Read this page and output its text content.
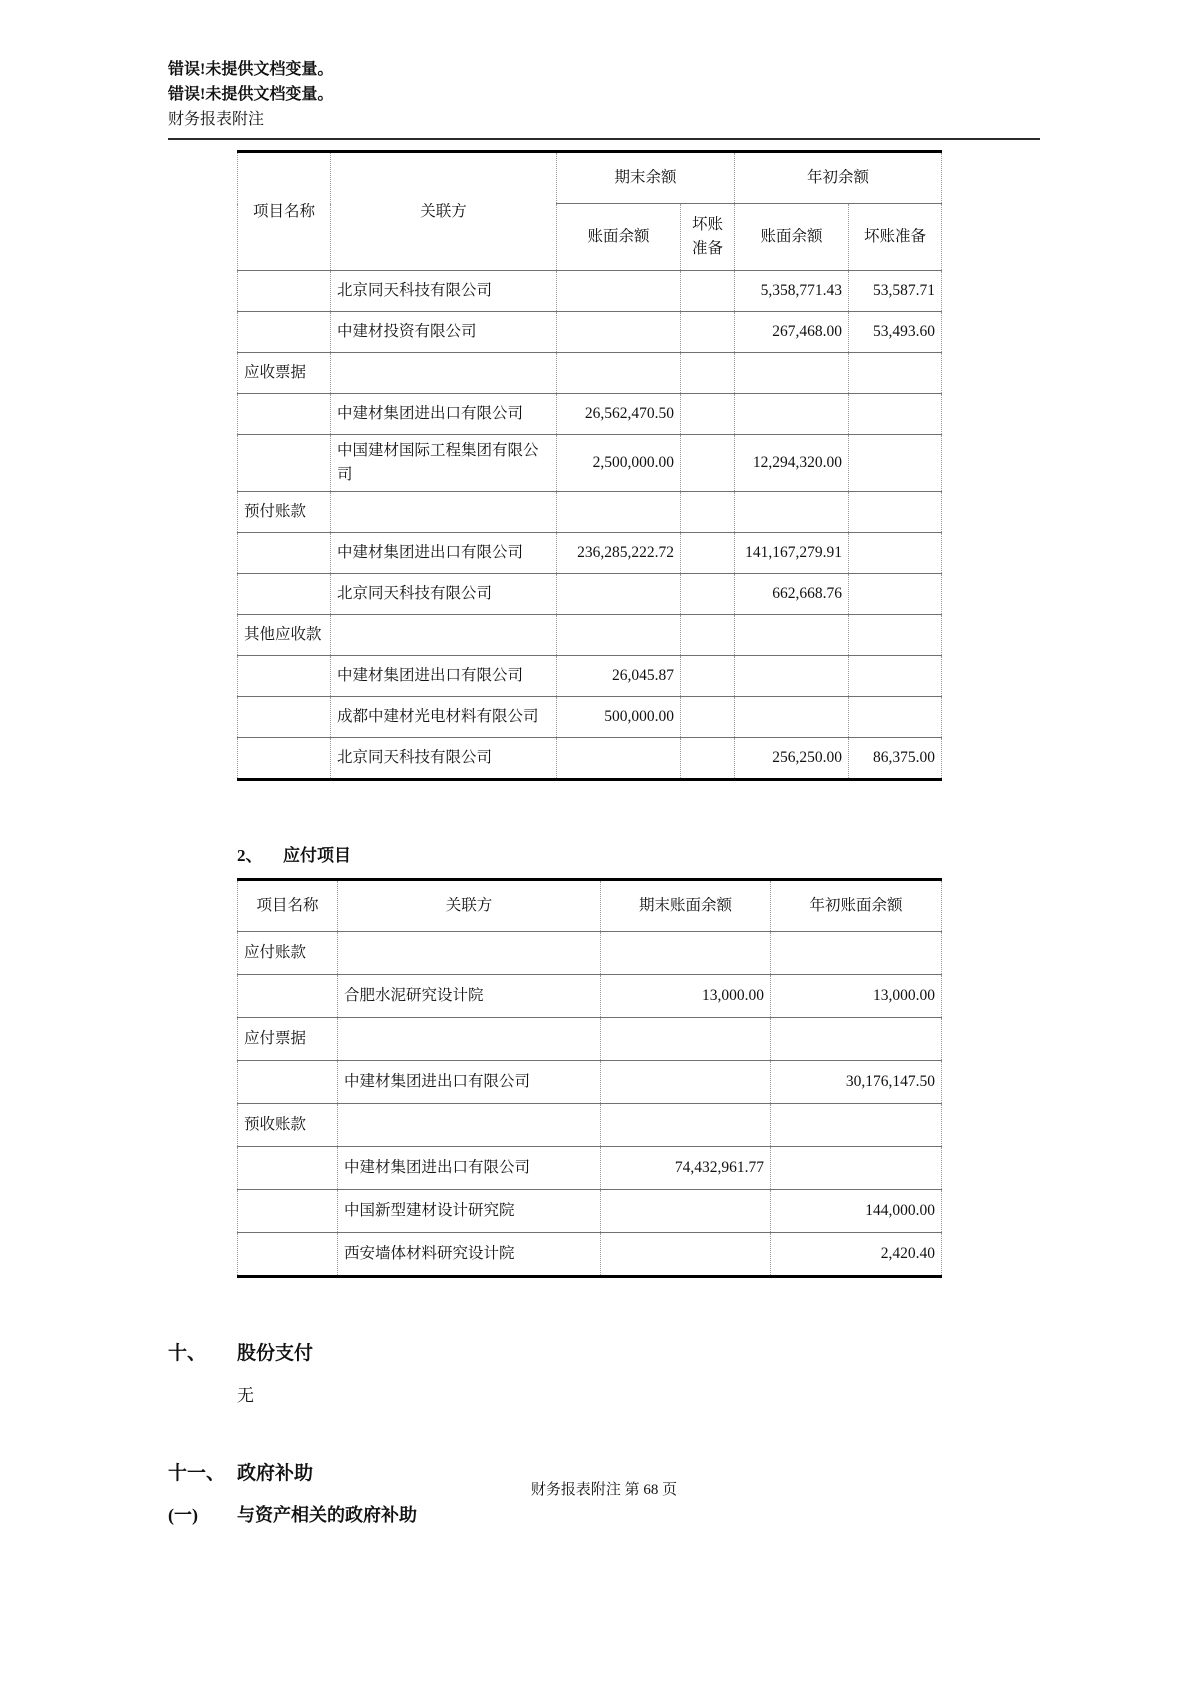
错误!未提供文档变量。
错误!未提供文档变量。
财务报表附注
项目名称	关联方	期末余额		年初余额	
		账面余额	坏账准备	账面余额	坏账准备
	北京同天科技有限公司			5,358,771.43	53,587.71
	中建材投资有限公司			267,468.00	53,493.60
应收票据					
	中建材集团进出口有限公司	26,562,470.50			
	中国建材国际工程集团有限公司	2,500,000.00		12,294,320.00	
预付账款					
	中建材集团进出口有限公司	236,285,222.72		141,167,279.91	
	北京同天科技有限公司			662,668.76	
其他应收款					
	中建材集团进出口有限公司	26,045.87			
	成都中建材光电材料有限公司	500,000.00			
	北京同天科技有限公司			256,250.00	86,375.00
2、 应付项目
项目名称	关联方	期末账面余额	年初账面余额
应付账款			
	合肥水泥研究设计院	13,000.00	13,000.00
应付票据			
	中建材集团进出口有限公司		30,176,147.50
预收账款			
	中建材集团进出口有限公司	74,432,961.77	
	中国新型建材设计研究院		144,000.00
	西安墙体材料研究设计院		2,420.40
十、 股份支付
无
十一、 政府补助
(一) 与资产相关的政府补助
财务报表附注 第 68 页
